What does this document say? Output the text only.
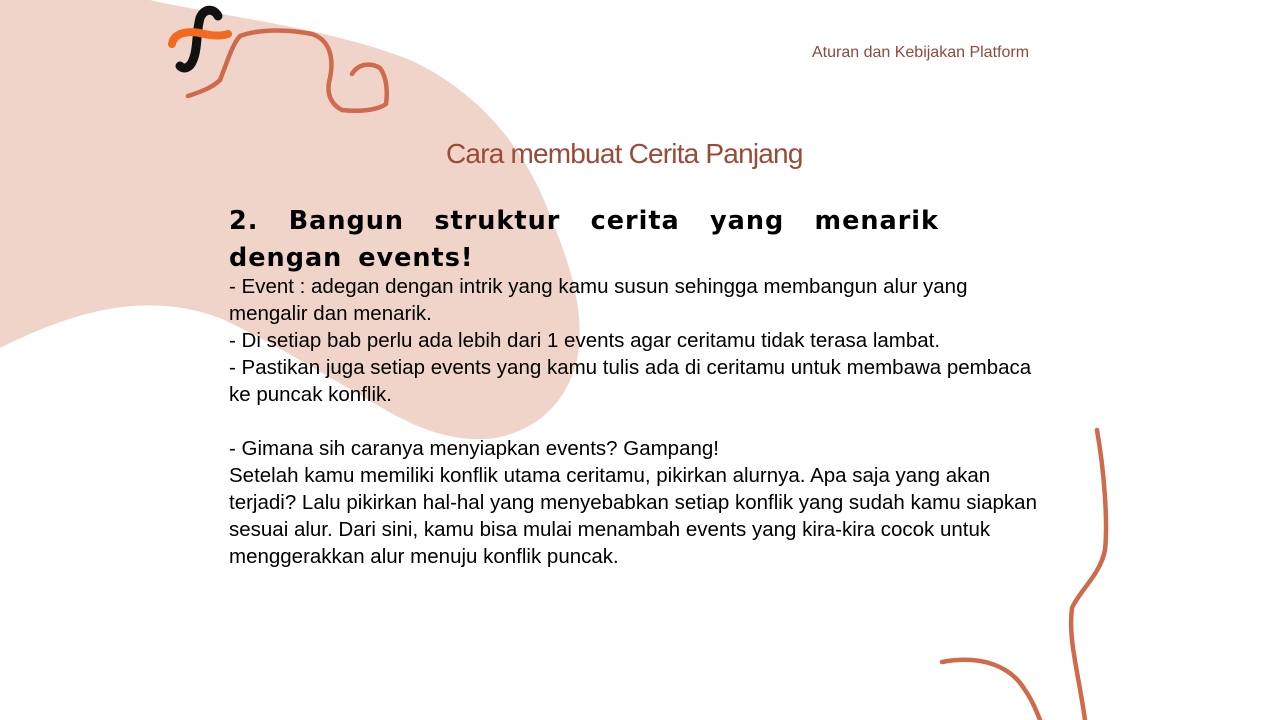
Aturan dan Kebijakan Platform
Cara membuat Cerita Panjang
2. Bangun struktur cerita yang menarik dengan events!

- Event : adegan dengan intrik yang kamu susun sehingga membangun alur yang mengalir dan menarik.

- Di setiap bab perlu ada lebih dari 1 events agar ceritamu tidak terasa lambat.

- Pastikan juga setiap events yang kamu tulis ada di ceritamu untuk membawa pembaca ke puncak konflik.

- Gimana sih caranya menyiapkan events? Gampang!

Setelah kamu memiliki konflik utama ceritamu, pikirkan alurnya. Apa saja yang akan terjadi? Lalu pikirkan hal-hal yang menyebabkan setiap konflik yang sudah kamu siapkan sesuai alur. Dari sini, kamu bisa mulai menambah events yang kira-kira cocok untuk menggerakkan alur menuju konflik puncak.
